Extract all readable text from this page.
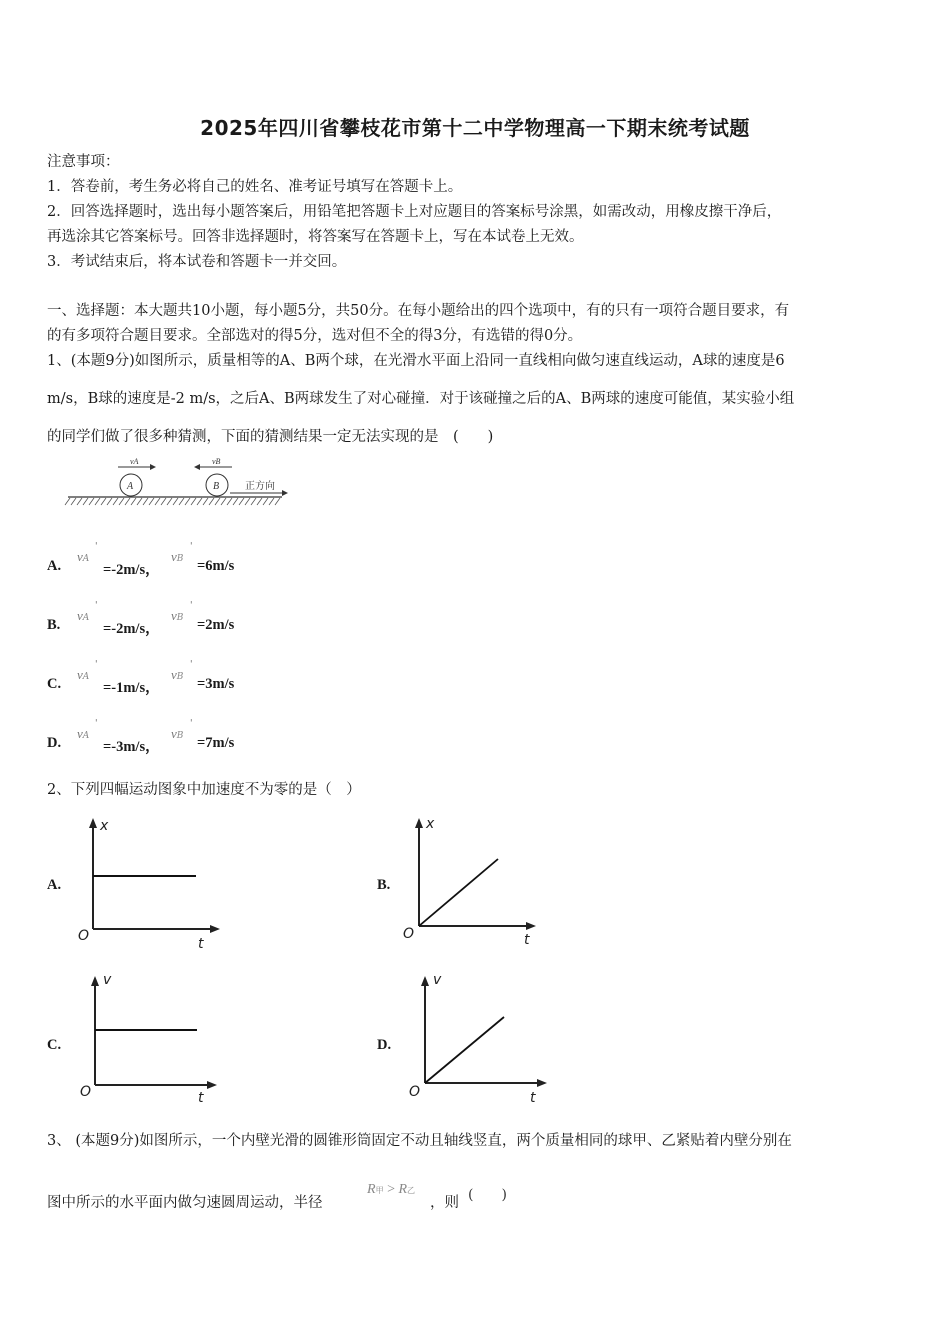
2025年四川省攀枝花市第十二中学物理高一下期末统考试题
注意事项：
1．答卷前，考生务必将自己的姓名、准考证号填写在答题卡上。
2．回答选择题时，选出每小题答案后，用铅笔把答题卡上对应题目的答案标号涂黑，如需改动，用橡皮擦干净后，
再选涂其它答案标号。回答非选择题时，将答案写在答题卡上，写在本试卷上无效。
3．考试结束后，将本试卷和答题卡一并交回。
一、选择题：本大题共10小题，每小题5分，共50分。在每小题给出的四个选项中，有的只有一项符合题目要求，有
的有多项符合题目要求。全部选对的得5分，选对但不全的得3分，有选错的得0分。
1、(本题9分)如图所示，质量相等的A、B两个球，在光滑水平面上沿同一直线相向做匀速直线运动，A球的速度是6
m/s，B球的速度是-2 m/s，之后A、B两球发生了对心碰撞．对于该碰撞之后的A、B两球的速度可能值，某实验小组
的同学们做了很多种猜测，下面的猜测结果一定无法实现的是　(　　)
vA
A
vB
B	正方向
A.
vA
'
=-2m/s，
vB
'
=6m/s
B.
vA
'
=-2m/s，
vB
'
=2m/s
C.
vA
'
=-1m/s，
vB
'
=3m/s
D.
vA
'
=-3m/s，
vB
'
=7m/s
2、下列四幅运动图象中加速度不为零的是（　）
A.
x
t
O
B.
x
t
O
C.
v
t
O
D.
v
t
O
3、 (本题9分)如图所示，一个内壁光滑的圆锥形筒固定不动且轴线竖直，两个质量相同的球甲、乙紧贴着内壁分别在
图中所示的水平面内做匀速圆周运动，半径
R甲 > R乙
，则 (　　)
